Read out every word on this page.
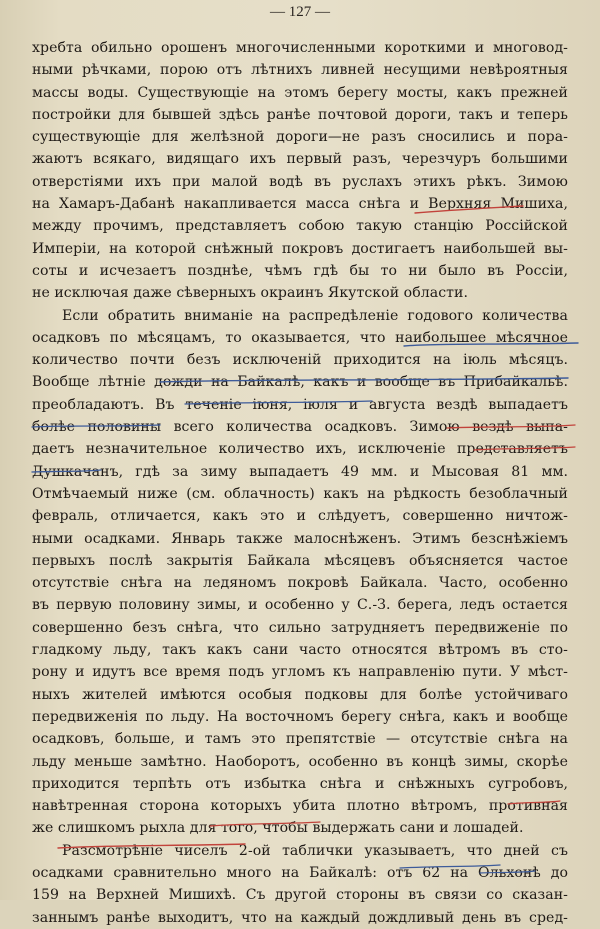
— 127 —
хребта обильно орошенъ многочисленными короткими и многовод-
ными рѣчками, порою отъ лѣтнихъ ливней несущими невѣроятныя
массы воды. Существующіе на этомъ берегу мосты, какъ прежней
постройки для бывшей здѣсь ранѣе почтовой дороги, такъ и теперь
существующіе для желѣзной дороги—не разъ сносились и пора-
жаютъ всякаго, видящаго ихъ первый разъ, черезчуръ большими
отверстіями ихъ при малой водѣ въ руслахъ этихъ рѣкъ. Зимою
на Хамаръ-Дабанѣ накапливается масса снѣга и Верхняя Мишиха,
между прочимъ, представляетъ собою такую станцію Россійской
Имперіи, на которой снѣжный покровъ достигаетъ наибольшей вы-
соты и исчезаетъ позднѣе, чѣмъ гдѣ бы то ни было въ Россіи,
не исключая даже сѣверныхъ окраинъ Якутской области.
Если обратить вниманіе на распредѣленіе годового количества
осадковъ по мѣсяцамъ, то оказывается, что наибольшее мѣсячное
количество почти безъ исключеній приходится на іюль мѣсяцъ.
Вообще лѣтніе дожди на Байкалѣ, какъ и вообще въ Прибайкальѣ.
преобладаютъ. Въ теченіе іюня, іюля и августа вездѣ выпадаетъ
болѣе половины всего количества осадковъ. Зимою вездѣ выпа-
даетъ незначительное количество ихъ, исключеніе представляетъ
Душкачанъ, гдѣ за зиму выпадаетъ 49 мм. и Мысовая 81 мм.
Отмѣчаемый ниже (см. облачность) какъ на рѣдкость безоблачный
февраль, отличается, какъ это и слѣдуетъ, совершенно ничтож-
ными осадками. Январь также малоснѣженъ. Этимъ безснѣжіемъ
первыхъ послѣ закрытія Байкала мѣсяцевъ объясняется частое
отсутствіе снѣга на ледяномъ покровѣ Байкала. Часто, особенно
въ первую половину зимы, и особенно у С.-З. берега, ледъ остается
совершенно безъ снѣга, что сильно затрудняетъ передвиженіе по
гладкому льду, такъ какъ сани часто относятся вѣтромъ въ сто-
рону и идутъ все время подъ угломъ къ направленію пути. У мѣст-
ныхъ жителей имѣются особыя подковы для болѣе устойчиваго
передвиженія по льду. На восточномъ берегу снѣга, какъ и вообще
осадковъ, больше, и тамъ это препятствіе — отсутствіе снѣга на
льду меньше замѣтно. Наоборотъ, особенно въ концѣ зимы, скорѣе
приходится терпѣть отъ избытка снѣга и снѣжныхъ сугробовъ,
навѣтренная сторона которыхъ убита плотно вѣтромъ, противная
же слишкомъ рыхла для того, чтобы выдержать сани и лошадей.
Разсмотрѣніе чиселъ 2-ой таблички указываетъ, что дней съ
осадками сравнительно много на Байкалѣ: отъ 62 на Ольхонѣ до
159 на Верхней Мишихѣ. Съ другой стороны въ связи со сказан-
заннымъ ранѣе выходитъ, что на каждый дождливый день въ сред-
